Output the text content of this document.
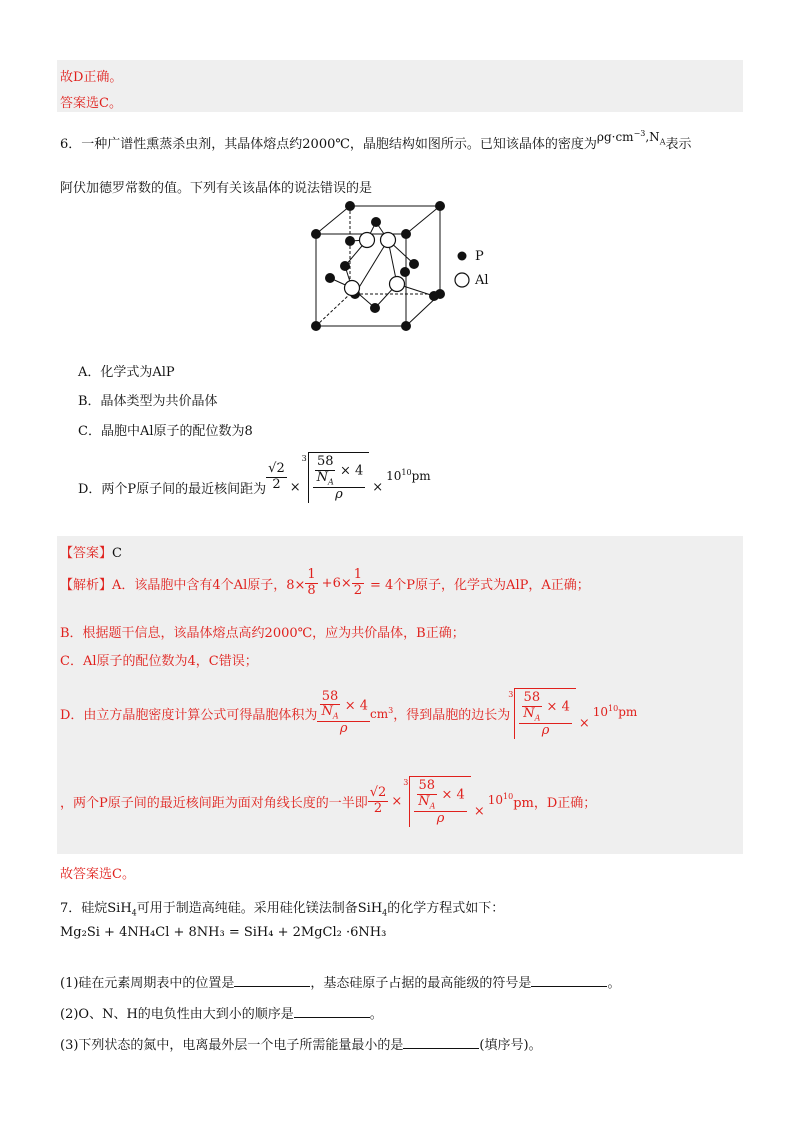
故D正确。
答案选C。
6．一种广谱性熏蒸杀虫剂，其晶体熔点约2000℃，晶胞结构如图所示。已知该晶体的密度为$\rho g\cdot cm^{-3},N_A$表示
阿伏加德罗常数的值。下列有关该晶体的说法错误的是
P
Al
A．化学式为AlP
B．晶体类型为共价晶体
C．晶胞中Al原子的配位数为8
D．两个P原子间的最近核间距为 $\frac{√2}{2}$ ×
$3 \frac{\frac{58}{N_A} \times 4}{\rho}$ ×
$10^{10}pm$
【答案】C
【解析】 A．该晶胞中含有4个Al原子，$8\times \frac{1}{8} +6\times \frac{1}{2} = 4$个P原子，化学式为AlP，A正确；
B．根据题干信息，该晶体熔点高约2000℃，应为共价晶体，B正确；
C．Al原子的配位数为4，C错误；
D．由立方晶胞密度计算公式可得晶胞体积为 $\frac{\frac{58}{N_A} \times 4}{\rho} cm^3$ ，得到晶胞的边长为
$3 \frac{\frac{58}{N_A} \times 4}{\rho}$ ×
$10^{10}pm$
，两个P原子间的最近核间距为面对角线长度的一半即 $\frac{√2}{2}$ ×
$3 \frac{\frac{58}{N_A} \times 4}{\rho}$ ×
$10^{10}$ pm，D正确；
故答案选C。
7．硅烷SiH$_4$可用于制造高纯硅。采用硅化镁法制备SiH$_4$的化学方程式如下：
Mg₂Si + 4NH₄Cl + 8NH₃ = SiH₄ + 2MgCl₂ ·6NH₃
(1)硅在元素周期表中的位置是	，基态硅原子占据的最高能级的符号是	。
(2)O、N、H的电负性由大到小的顺序是	。
(3)下列状态的氮中，电离最外层一个电子所需能量最小的是	(填序号)。
